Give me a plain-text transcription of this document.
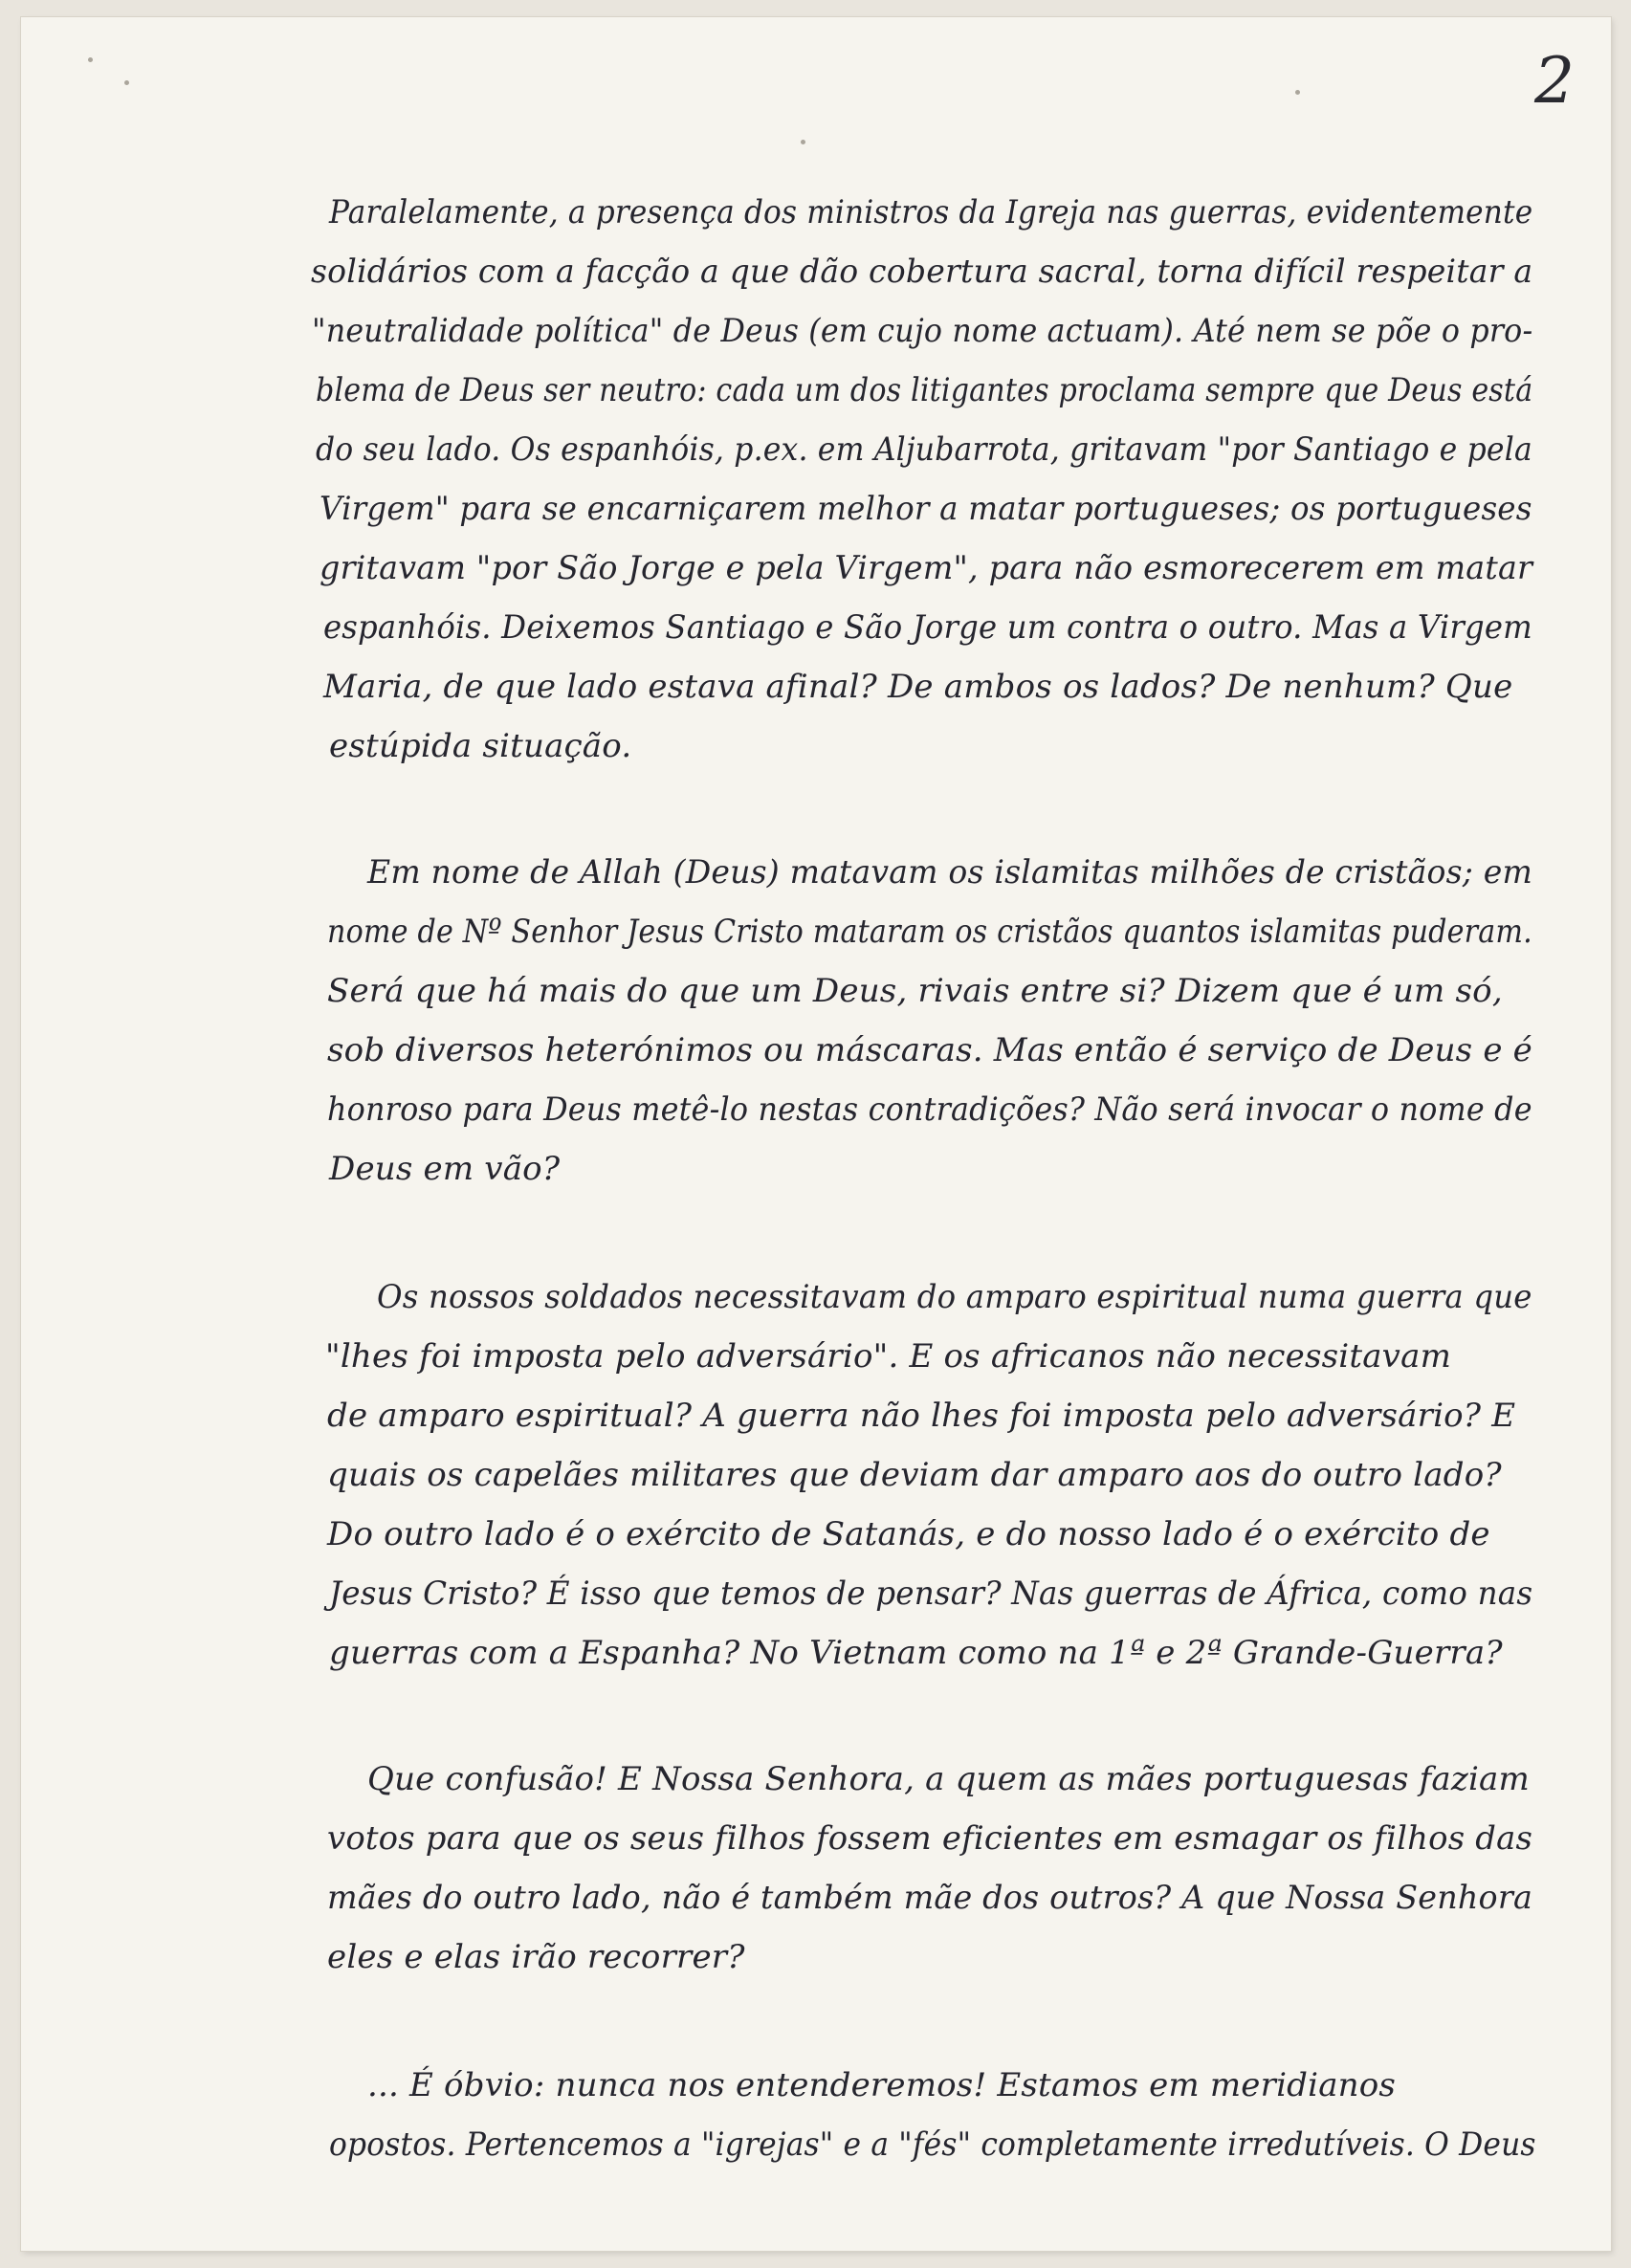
2
Paralelamente, a presença dos ministros da Igreja nas guerras, evidentemente
solidários com a facção a que dão cobertura sacral, torna difícil respeitar a
"neutralidade política" de Deus (em cujo nome actuam). Até nem se põe o pro-
blema de Deus ser neutro: cada um dos litigantes proclama sempre que Deus está
do seu lado. Os espanhóis, p.ex. em Aljubarrota, gritavam "por Santiago e pela
Virgem" para se encarniçarem melhor a matar portugueses; os portugueses
gritavam "por São Jorge e pela Virgem", para não esmorecerem em matar
espanhóis. Deixemos Santiago e São Jorge um contra o outro. Mas a Virgem
Maria, de que lado estava afinal? De ambos os lados? De nenhum? Que
estúpida situação.
Em nome de Allah (Deus) matavam os islamitas milhões de cristãos; em
nome de Nº Senhor Jesus Cristo mataram os cristãos quantos islamitas puderam.
Será que há mais do que um Deus, rivais entre si? Dizem que é um só,
sob diversos heterónimos ou máscaras. Mas então é serviço de Deus e é
honroso para Deus metê-lo nestas contradições? Não será invocar o nome de
Deus em vão?
Os nossos soldados necessitavam do amparo espiritual numa guerra que
"lhes foi imposta pelo adversário". E os africanos não necessitavam
de amparo espiritual? A guerra não lhes foi imposta pelo adversário? E
quais os capelães militares que deviam dar amparo aos do outro lado?
Do outro lado é o exército de Satanás, e do nosso lado é o exército de
Jesus Cristo? É isso que temos de pensar? Nas guerras de África, como nas
guerras com a Espanha? No Vietnam como na 1ª e 2ª Grande-Guerra?
Que confusão! E Nossa Senhora, a quem as mães portuguesas faziam
votos para que os seus filhos fossem eficientes em esmagar os filhos das
mães do outro lado, não é também mãe dos outros? A que Nossa Senhora
eles e elas irão recorrer?
... É óbvio: nunca nos entenderemos! Estamos em meridianos
opostos. Pertencemos a "igrejas" e a "fés" completamente irredutíveis. O Deus
